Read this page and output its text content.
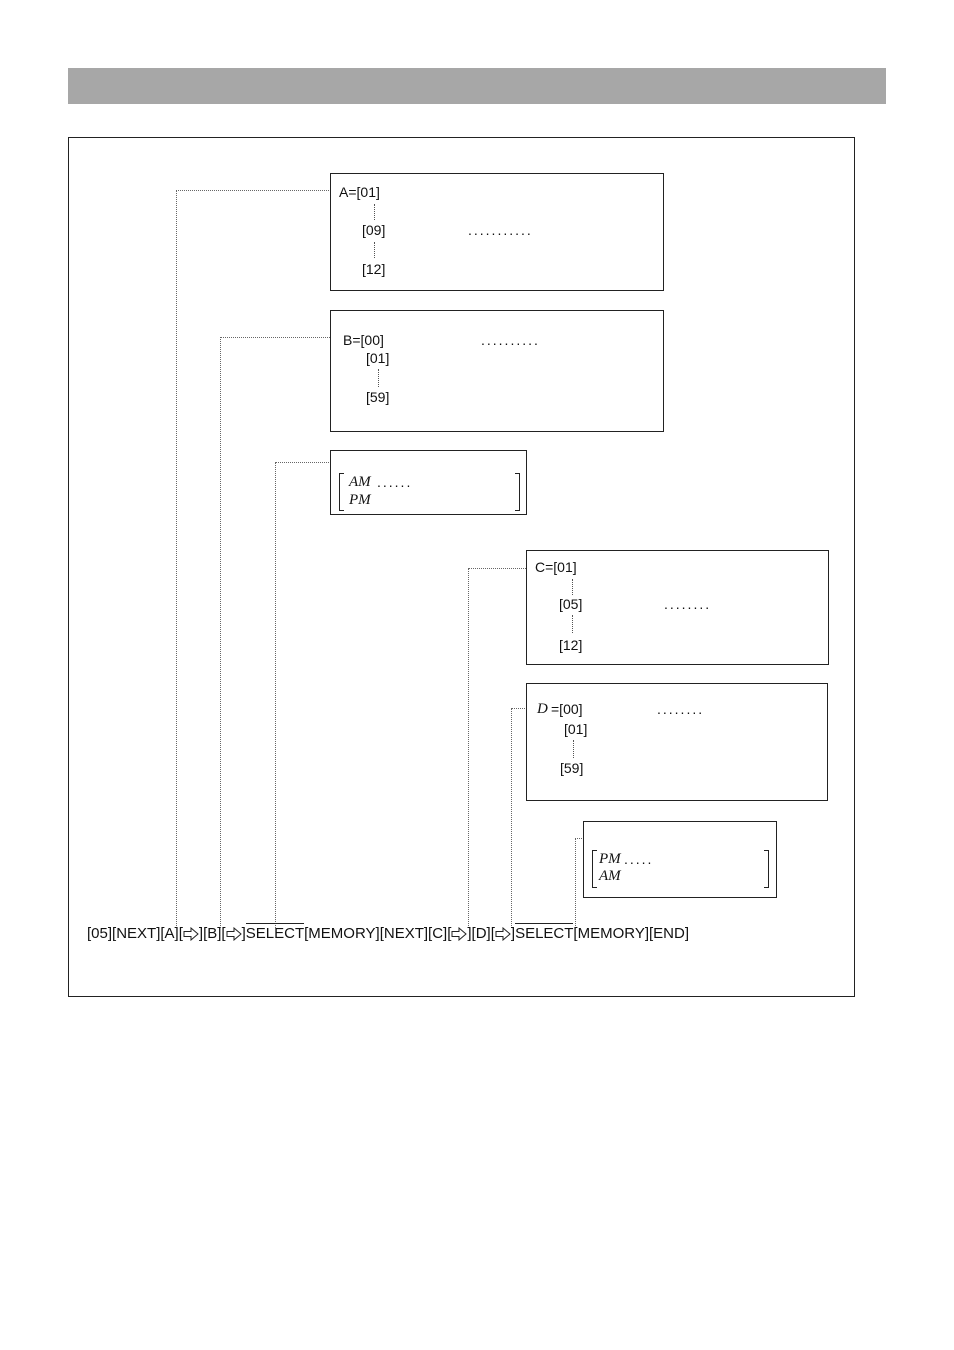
A=[01]
[09]	...........
[12]
B=[00]	..........
[01]
[59]
AM ......
PM
C=[01]
[05]	........
[12]
D =[00]	........
[01]
[59]
PM .....
AM
[05] [NEXT] [A] [ ] [B] [ ] SELECT [MEMORY] [NEXT] [C] [ ] [D] [ ] SELECT [MEMORY] [END]
